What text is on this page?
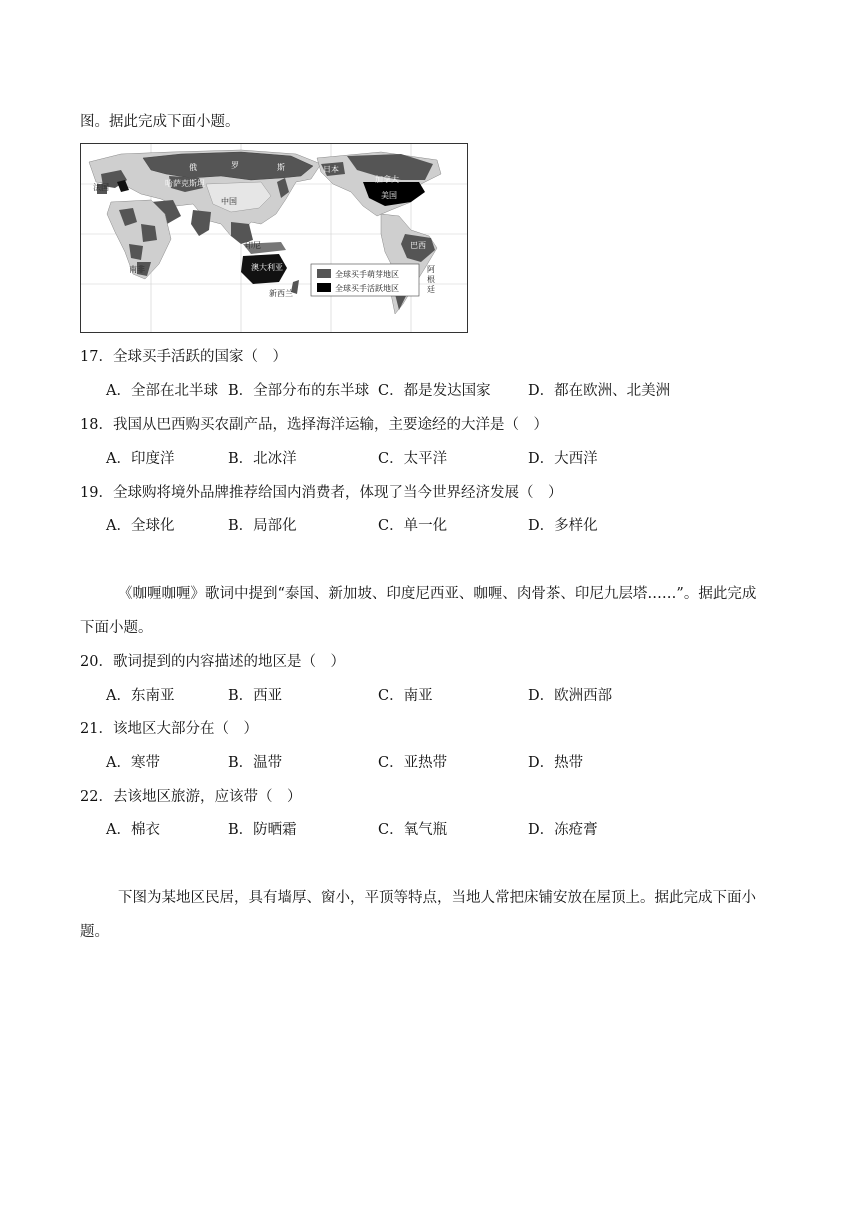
图。据此完成下面小题。
俄	罗	斯
哈萨克斯坦	加拿大
美国
巴西
澳大利亚
日本
法国
中国
南非
新西兰
印尼
阿
根
廷
全球买手萌芽地区
全球买手活跃地区
17．全球买手活跃的国家（　）
A．全部在北半球 B．全部分布的东半球 C．都是发达国家	D．都在欧洲、北美洲
18．我国从巴西购买农副产品，选择海洋运输，主要途经的大洋是（　）
A．印度洋	B．北冰洋	C．太平洋	D．大西洋
19．全球购将境外品牌推荐给国内消费者，体现了当今世界经济发展（　）
A．全球化	B．局部化	C．单一化	D．多样化
《咖喱咖喱》歌词中提到“泰国、新加坡、印度尼西亚、咖喱、肉骨茶、印尼九层塔……”。据此完成
下面小题。
20．歌词提到的内容描述的地区是（　）
A．东南亚	B．西亚	C．南亚	D．欧洲西部
21．该地区大部分在（　）
A．寒带	B．温带	C．亚热带	D．热带
22．去该地区旅游，应该带（　）
A．棉衣	B．防晒霜	C．氧气瓶	D．冻疮膏
下图为某地区民居，具有墙厚、窗小，平顶等特点，当地人常把床铺安放在屋顶上。据此完成下面小
题。
